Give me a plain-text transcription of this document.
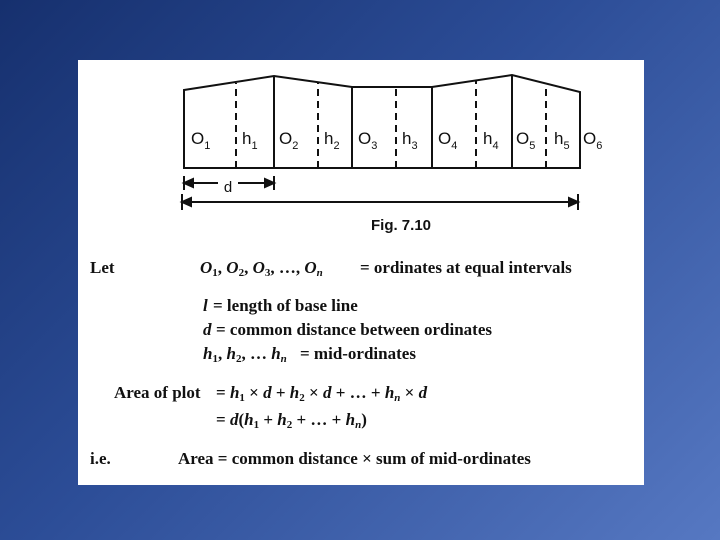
$O_1$	$O_2$	$O_3$	$O_4$	$O_5$	$O_6$
$h_1$	$h_2$	$h_3$	$h_4$	$h_5$
d
Fig. 7.10
Let	$O_1$, $O_2$, $O_3$, …, $O_n$ = ordinates at equal intervals
l = length of base line
d = common distance between ordinates
$h_1$, $h_2$, … $h_n$ = mid-ordinates
Area of plot = $h_1 \times d + h_2 \times d$ + … + $h_n \times d$
= $d(h_1 + h_2$ + … + $h_n$)
i.e.	Area = common distance × sum of mid-ordinates
